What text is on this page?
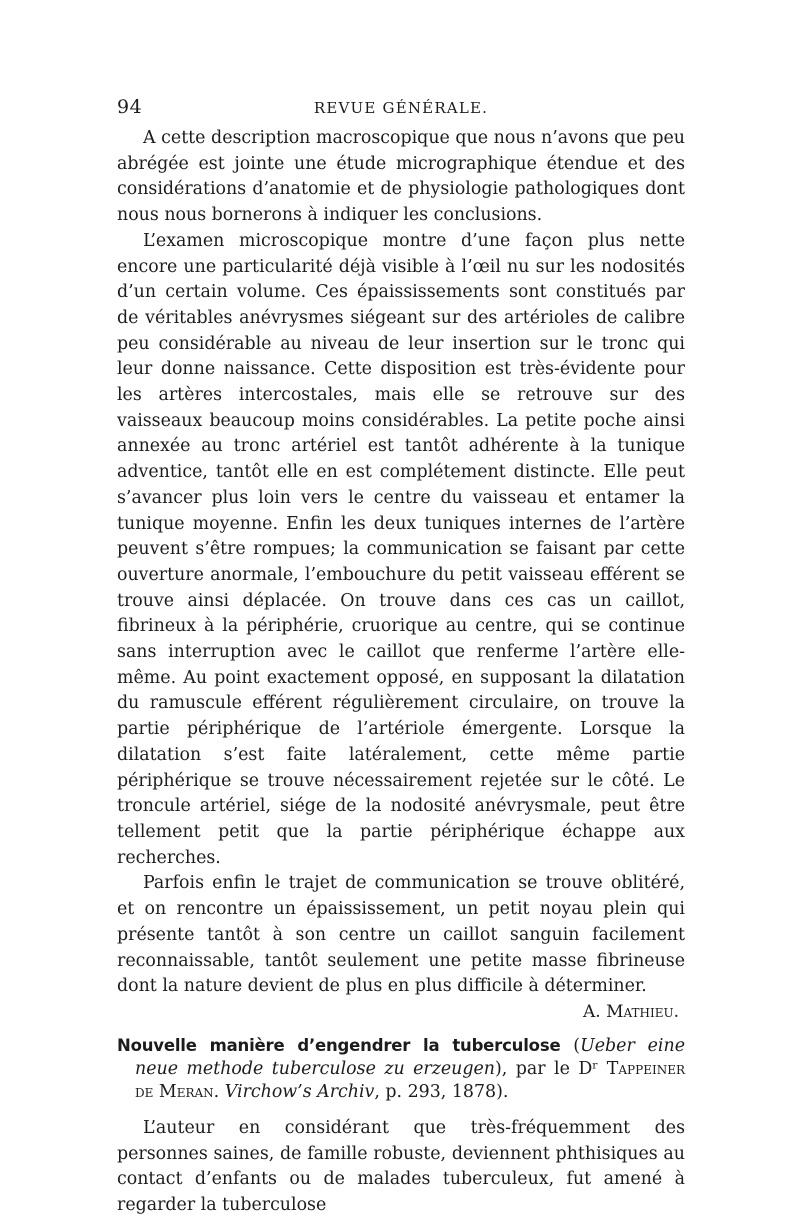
94	REVUE GÉNÉRALE.

A cette description macroscopique que nous n’avons que peu abrégée est jointe une étude micrographique étendue et des considérations d’anatomie et de physiologie pathologiques dont nous nous bornerons à indiquer les conclusions.

L’examen microscopique montre d’une façon plus nette encore une particularité déjà visible à l’œil nu sur les nodosités d’un certain volume. Ces épaississements sont constitués par de véritables anévrysmes siégeant sur des artérioles de calibre peu considérable au niveau de leur insertion sur le tronc qui leur donne naissance. Cette disposition est très-évidente pour les artères intercostales, mais elle se retrouve sur des vaisseaux beaucoup moins considérables. La petite poche ainsi annexée au tronc artériel est tantôt adhérente à la tunique adventice, tantôt elle en est complétement distincte. Elle peut s’avancer plus loin vers le centre du vaisseau et entamer la tunique moyenne. Enfin les deux tuniques internes de l’artère peuvent s’être rompues; la communication se faisant par cette ouverture anormale, l’embouchure du petit vaisseau efférent se trouve ainsi déplacée. On trouve dans ces cas un caillot, fibrineux à la périphérie, cruorique au centre, qui se continue sans interruption avec le caillot que renferme l’artère elle-même. Au point exactement opposé, en supposant la dilatation du ramuscule efférent régulièrement circulaire, on trouve la partie périphérique de l’artériole émergente. Lorsque la dilatation s’est faite latéralement, cette même partie périphérique se trouve nécessairement rejetée sur le côté. Le troncule artériel, siége de la nodosité anévrysmale, peut être tellement petit que la partie périphérique échappe aux recherches.

Parfois enfin le trajet de communication se trouve oblitéré, et on rencontre un épaississement, un petit noyau plein qui présente tantôt à son centre un caillot sanguin facilement reconnaissable, tantôt seulement une petite masse fibrineuse dont la nature devient de plus en plus difficile à déterminer.

A. Mathieu.

Nouvelle manière d’engendrer la tuberculose (Ueber eine neue methode tuberculose zu erzeugen), par le Dʳ Tappeiner de Meran. Virchow’s Archiv, p. 293, 1878).

L’auteur en considérant que très-fréquemment des personnes saines, de famille robuste, deviennent phthisiques au contact d’enfants ou de malades tuberculeux, fut amené à regarder la tuberculose
